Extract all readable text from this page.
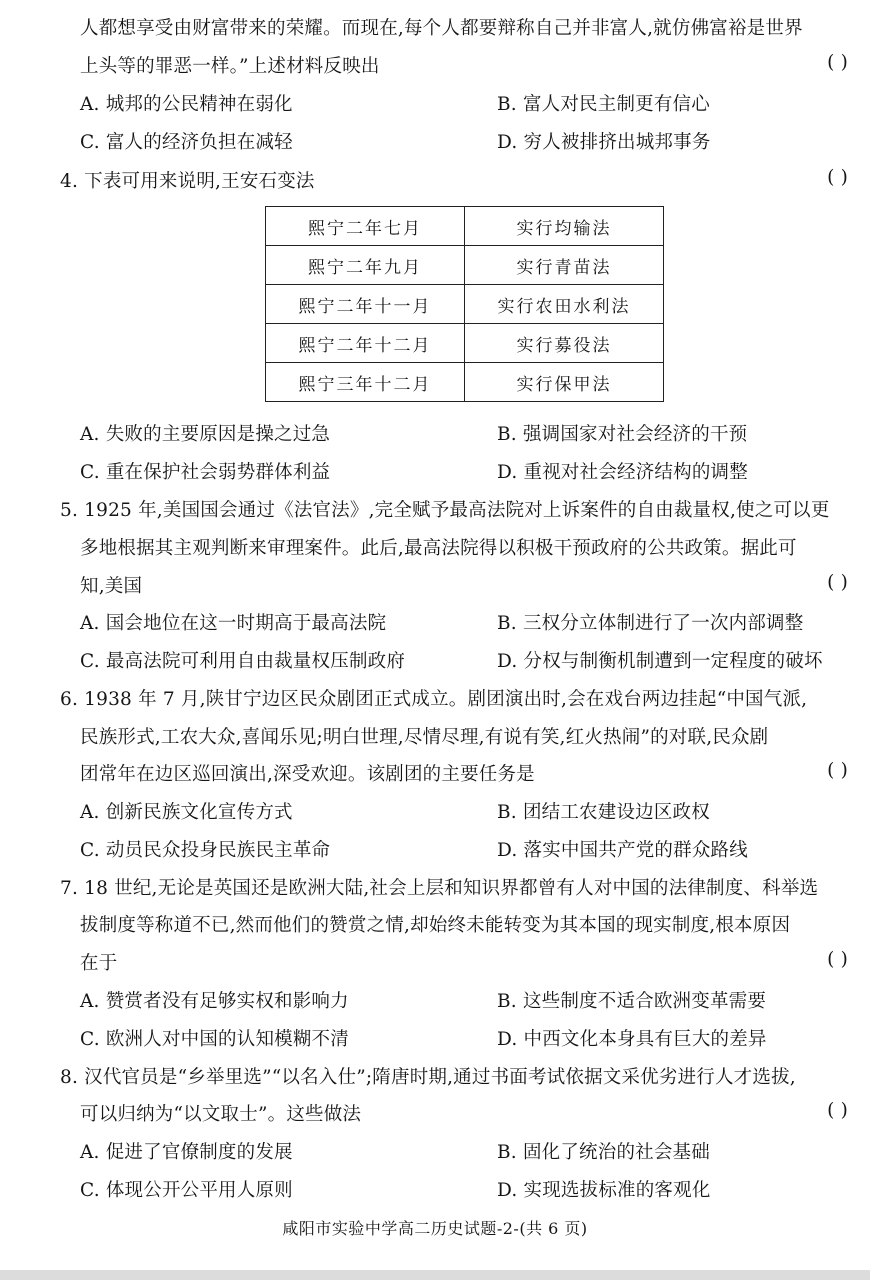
人都想享受由财富带来的荣耀。而现在,每个人都要辩称自己并非富人,就仿佛富裕是世界
上头等的罪恶一样。”上述材料反映出	( )
A. 城邦的公民精神在弱化	B. 富人对民主制更有信心
C. 富人的经济负担在减轻	D. 穷人被排挤出城邦事务
4. 下表可用来说明,王安石变法	( )
熙宁二年七月	实行均输法
熙宁二年九月	实行青苗法
熙宁二年十一月	实行农田水利法
熙宁二年十二月	实行募役法
熙宁三年十二月	实行保甲法
A. 失败的主要原因是操之过急	B. 强调国家对社会经济的干预
C. 重在保护社会弱势群体利益	D. 重视对社会经济结构的调整
5. 1925 年,美国国会通过《法官法》,完全赋予最高法院对上诉案件的自由裁量权,使之可以更
多地根据其主观判断来审理案件。此后,最高法院得以积极干预政府的公共政策。据此可
知,美国	( )
A. 国会地位在这一时期高于最高法院	B. 三权分立体制进行了一次内部调整
C. 最高法院可利用自由裁量权压制政府	D. 分权与制衡机制遭到一定程度的破坏
6. 1938 年 7 月,陕甘宁边区民众剧团正式成立。剧团演出时,会在戏台两边挂起“中国气派,
民族形式,工农大众,喜闻乐见;明白世理,尽情尽理,有说有笑,红火热闹”的对联,民众剧
团常年在边区巡回演出,深受欢迎。该剧团的主要任务是	( )
A. 创新民族文化宣传方式	B. 团结工农建设边区政权
C. 动员民众投身民族民主革命	D. 落实中国共产党的群众路线
7. 18 世纪,无论是英国还是欧洲大陆,社会上层和知识界都曾有人对中国的法律制度、科举选
拔制度等称道不已,然而他们的赞赏之情,却始终未能转变为其本国的现实制度,根本原因
在于	( )
A. 赞赏者没有足够实权和影响力	B. 这些制度不适合欧洲变革需要
C. 欧洲人对中国的认知模糊不清	D. 中西文化本身具有巨大的差异
8. 汉代官员是“乡举里选”“以名入仕”;隋唐时期,通过书面考试依据文采优劣进行人才选拔,
可以归纳为“以文取士”。这些做法	( )
A. 促进了官僚制度的发展	B. 固化了统治的社会基础
C. 体现公开公平用人原则	D. 实现选拔标准的客观化
咸阳市实验中学高二历史试题-2-(共 6 页)
